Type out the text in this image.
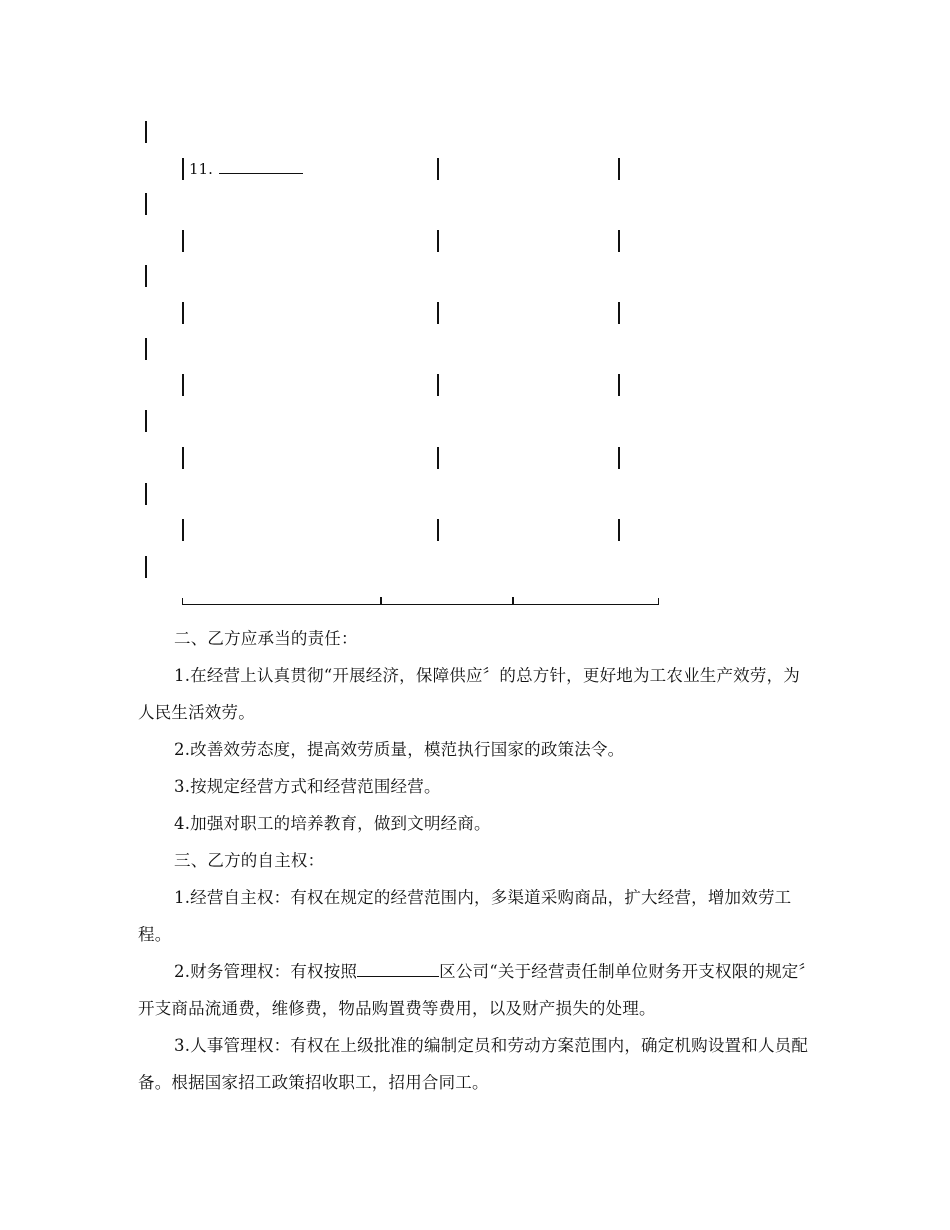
11.

二、乙方应承当的责任：

1.在经营上认真贯彻“开展经济，保障供应〞的总方针，更好地为工农业生产效劳，为人民生活效劳。

2.改善效劳态度，提高效劳质量，模范执行国家的政策法令。

3.按规定经营方式和经营范围经营。

4.加强对职工的培养教育，做到文明经商。

三、乙方的自主权：

1.经营自主权：有权在规定的经营范围内，多渠道采购商品，扩大经营，增加效劳工程。

2.财务管理权：有权按照	区公司“关于经营责任制单位财务开支权限的规定〞开支商品流通费，维修费，物品购置费等费用，以及财产损失的处理。

3.人事管理权：有权在上级批准的编制定员和劳动方案范围内，确定机购设置和人员配备。根据国家招工政策招收职工，招用合同工。
